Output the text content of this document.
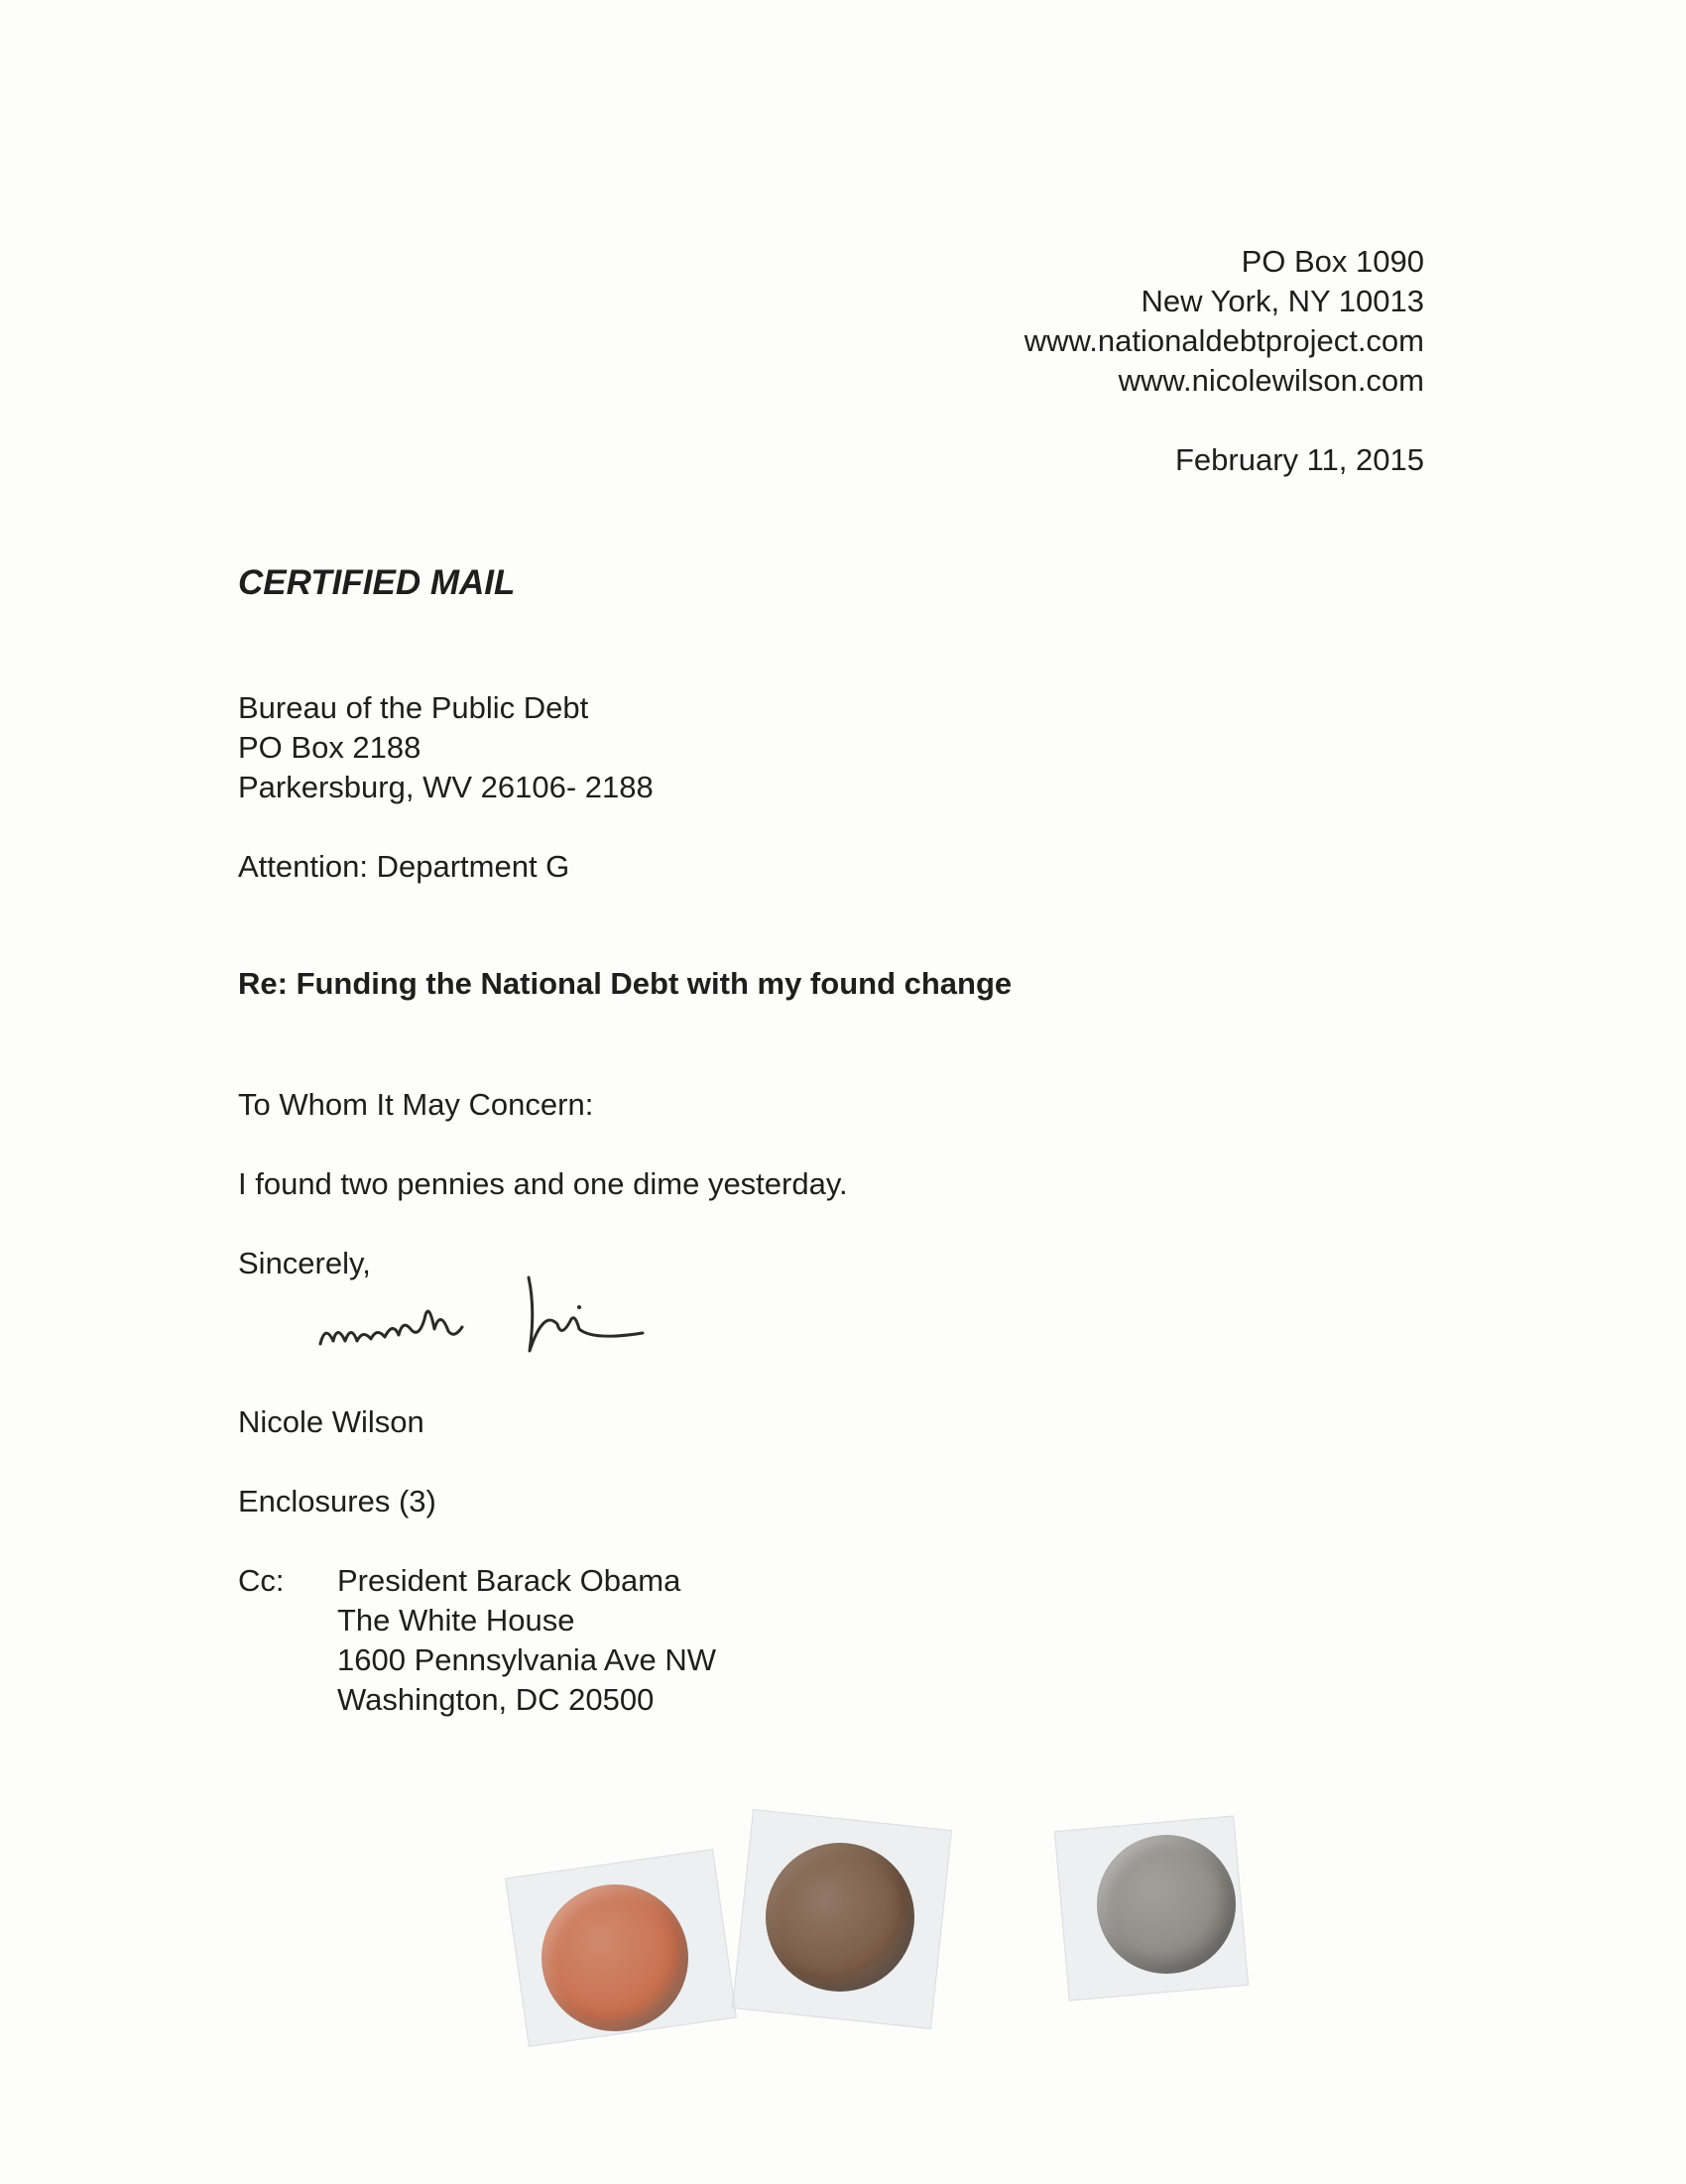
PO Box 1090
New York, NY 10013
www.nationaldebtproject.com
www.nicolewilson.com
February 11, 2015
CERTIFIED MAIL
Bureau of the Public Debt
PO Box 2188
Parkersburg, WV 26106- 2188
Attention: Department G
Re: Funding the National Debt with my found change
To Whom It May Concern:
I found two pennies and one dime yesterday.
Sincerely,
Nicole Wilson
Enclosures (3)
Cc: President Barack Obama
The White House
1600 Pennsylvania Ave NW
Washington, DC 20500
